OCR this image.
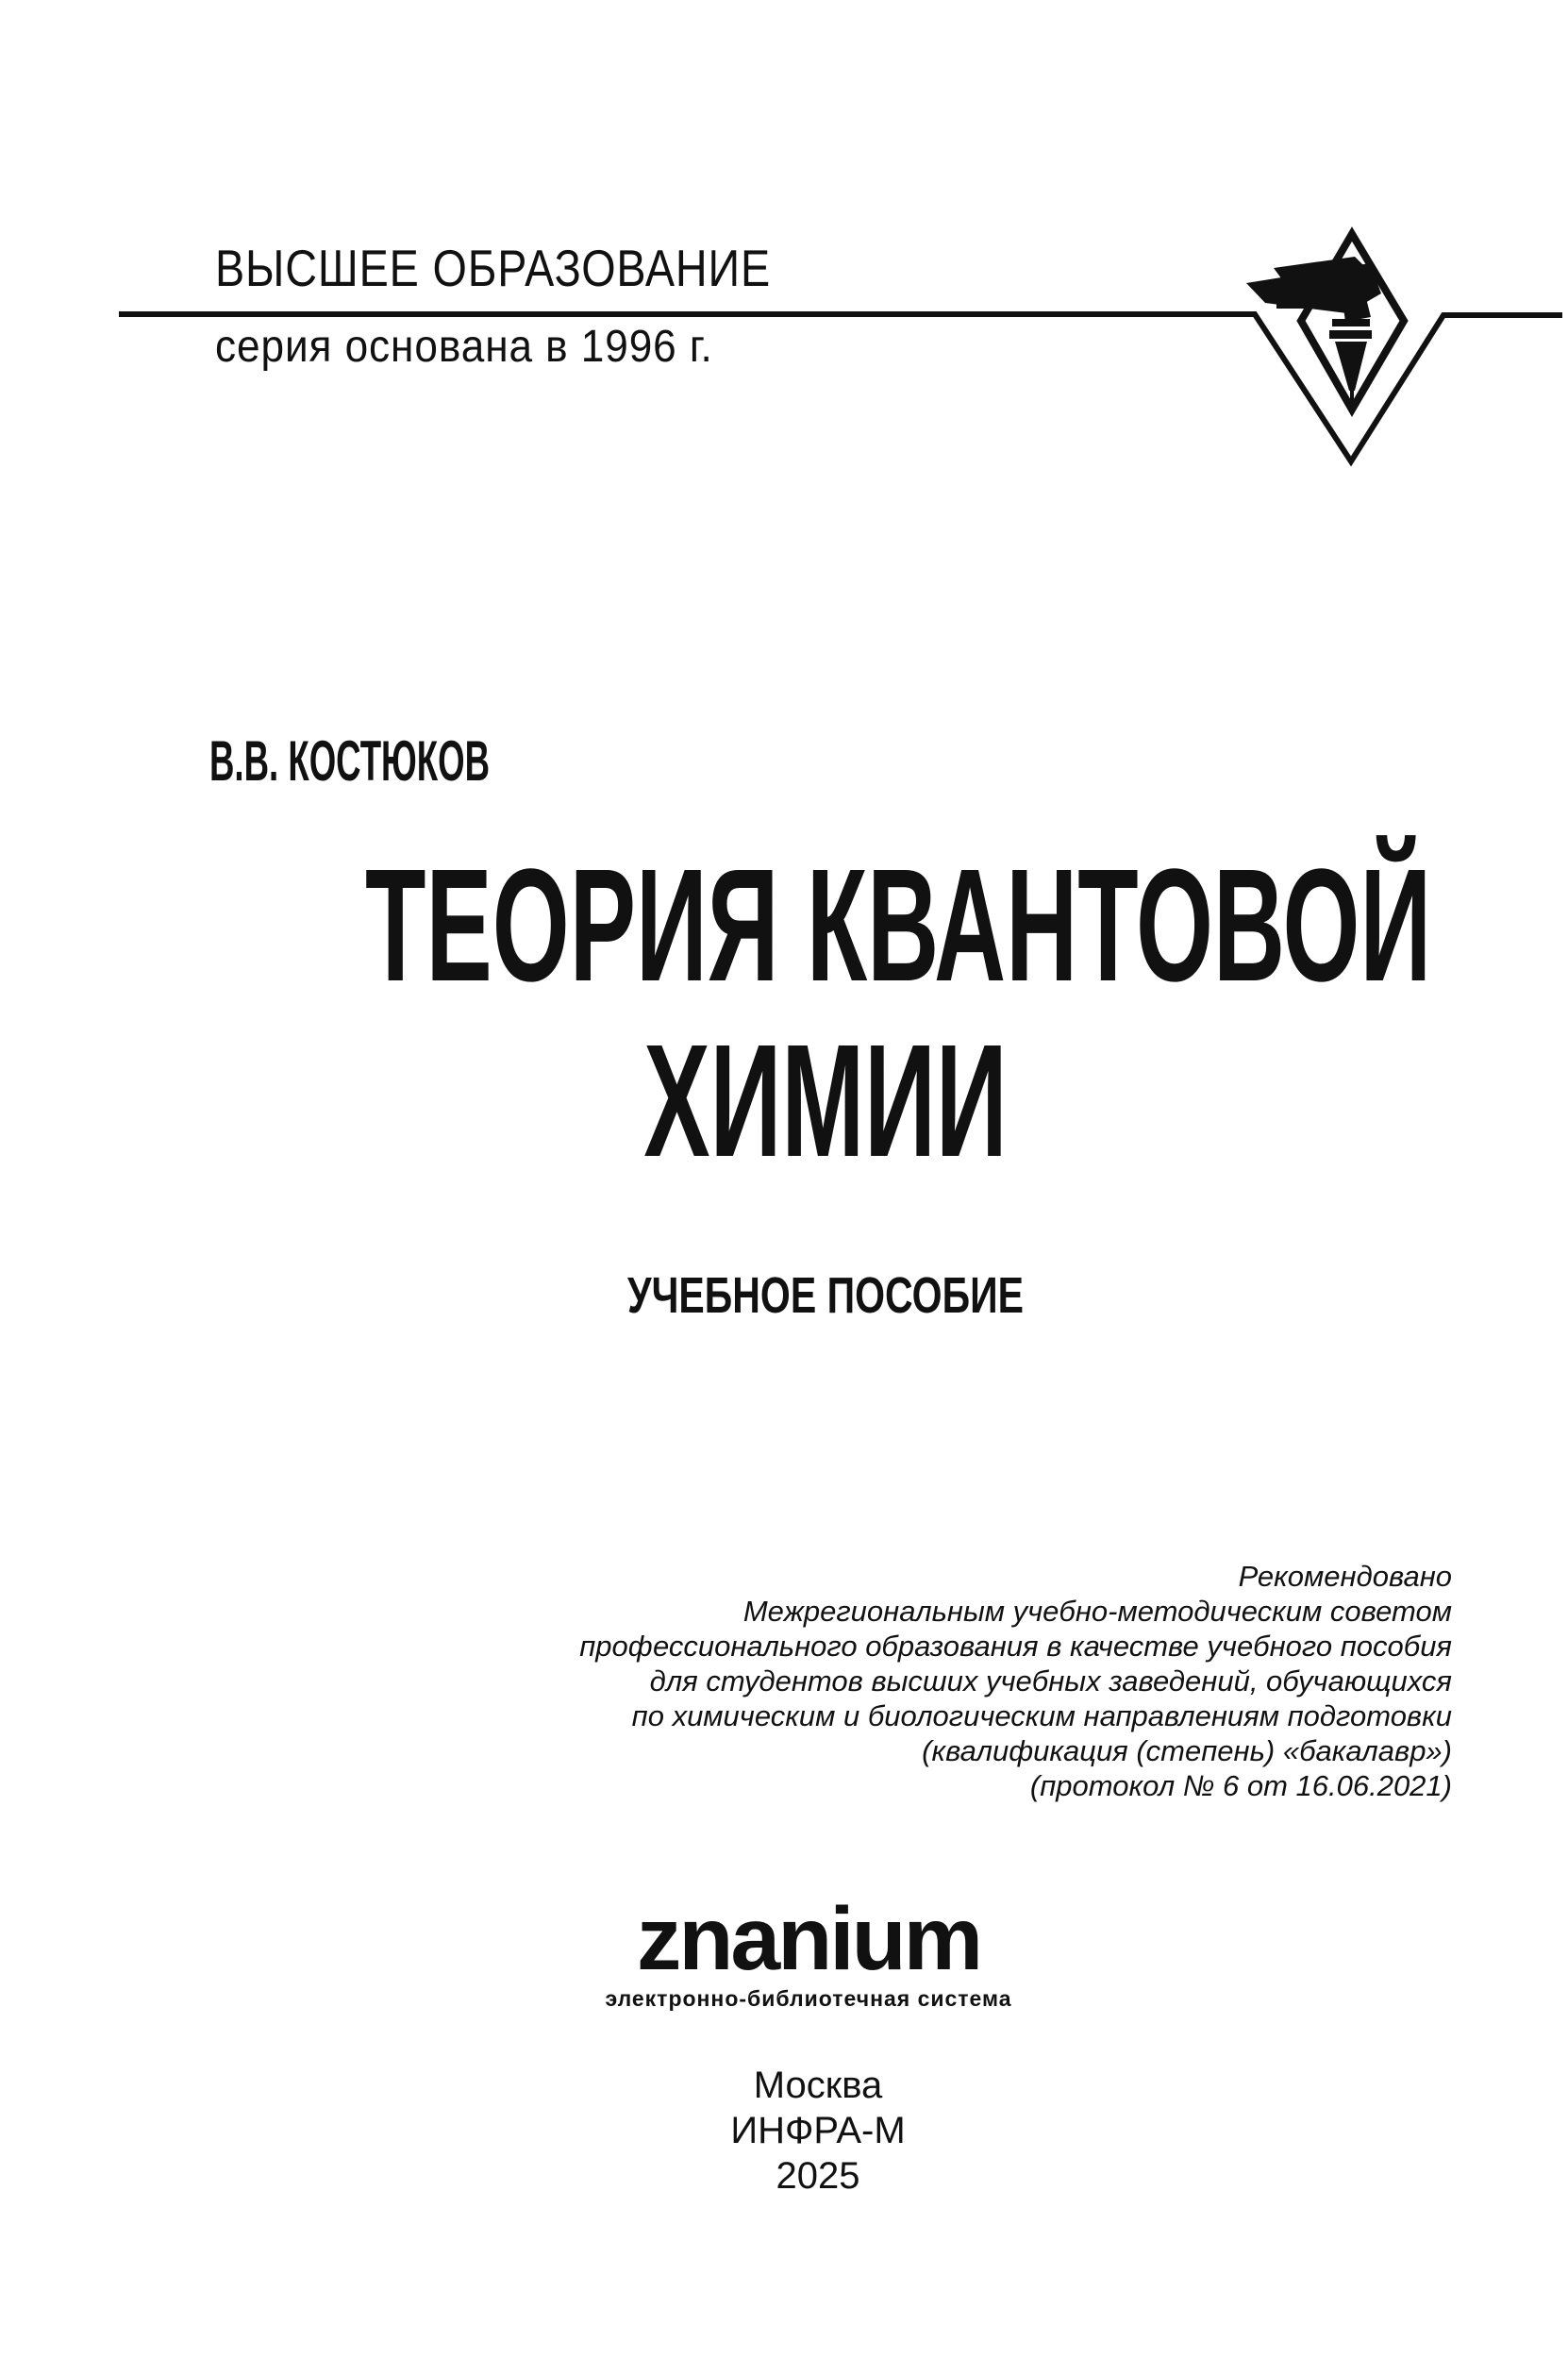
ВЫСШЕЕ ОБРАЗОВАНИЕ
серия основана в 1996 г.
В.В. КОСТЮКОВ
ТЕОРИЯ КВАНТОВОЙ
ХИМИИ
УЧЕБНОЕ ПОСОБИЕ
Рекомендовано
Межрегиональным учебно-методическим советом
профессионального образования в качестве учебного пособия
для студентов высших учебных заведений, обучающихся
по химическим и биологическим направлениям подготовки
(квалификация (степень) «бакалавр»)
(протокол № 6 от 16.06.2021)
znanium
электронно-библиотечная система
Москва
ИНФРА-М
2025
